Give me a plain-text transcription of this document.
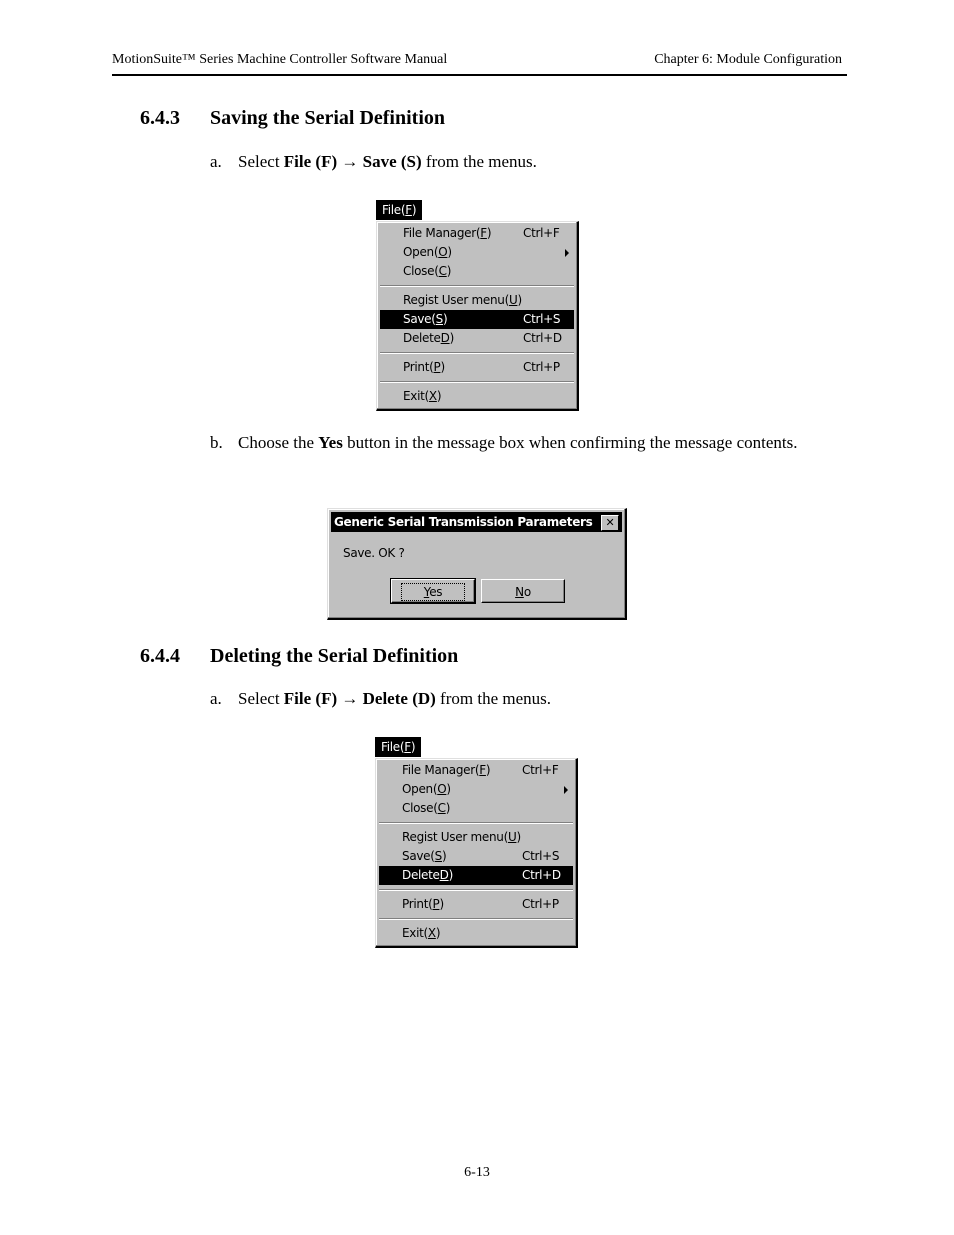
MotionSuite™ Series Machine Controller Software Manual	Chapter 6: Module Configuration
6.4.3 Saving the Serial Definition
a. Select File (F) → Save (S) from the menus.
File(F)
File Manager(F)	Ctrl+F
Open(O)
Close(C)
Regist User menu(U)
Save(S)	Ctrl+S
DeleteD)	Ctrl+D
Print(P)	Ctrl+P
Exit(X)
b. Choose the Yes button in the message box when confirming the message contents.
Generic Serial Transmission Parameters	✕
Save. OK ?
Yes	No
6.4.4 Deleting the Serial Definition
a. Select File (F) → Delete (D) from the menus.
File(F)
File Manager(F)	Ctrl+F
Open(O)
Close(C)
Regist User menu(U)
Save(S)	Ctrl+S
DeleteD)	Ctrl+D
Print(P)	Ctrl+P
Exit(X)
6-13
